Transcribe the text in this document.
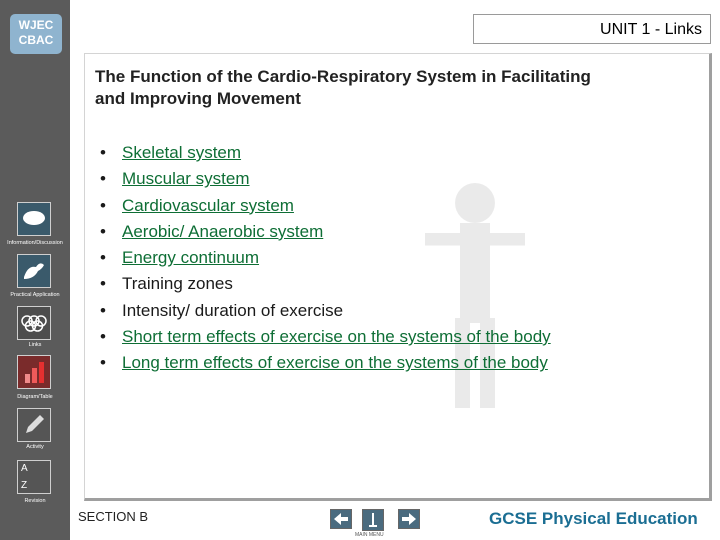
WJEC
CBAC
Information/Discussion
Practical Application
Links
Diagram/Table
Activity
A
Z
Revision
UNIT 1 - Links
The Function of the Cardio-Respiratory System in Facilitating and Improving Movement
• Skeletal system
• Muscular system
• Cardiovascular system
• Aerobic/ Anaerobic system
• Energy continuum
• Training zones
• Intensity/ duration of exercise
• Short term effects of exercise on the systems of the body
• Long term effects of exercise on the systems of the body
SECTION B
MAIN MENU
GCSE Physical Education
